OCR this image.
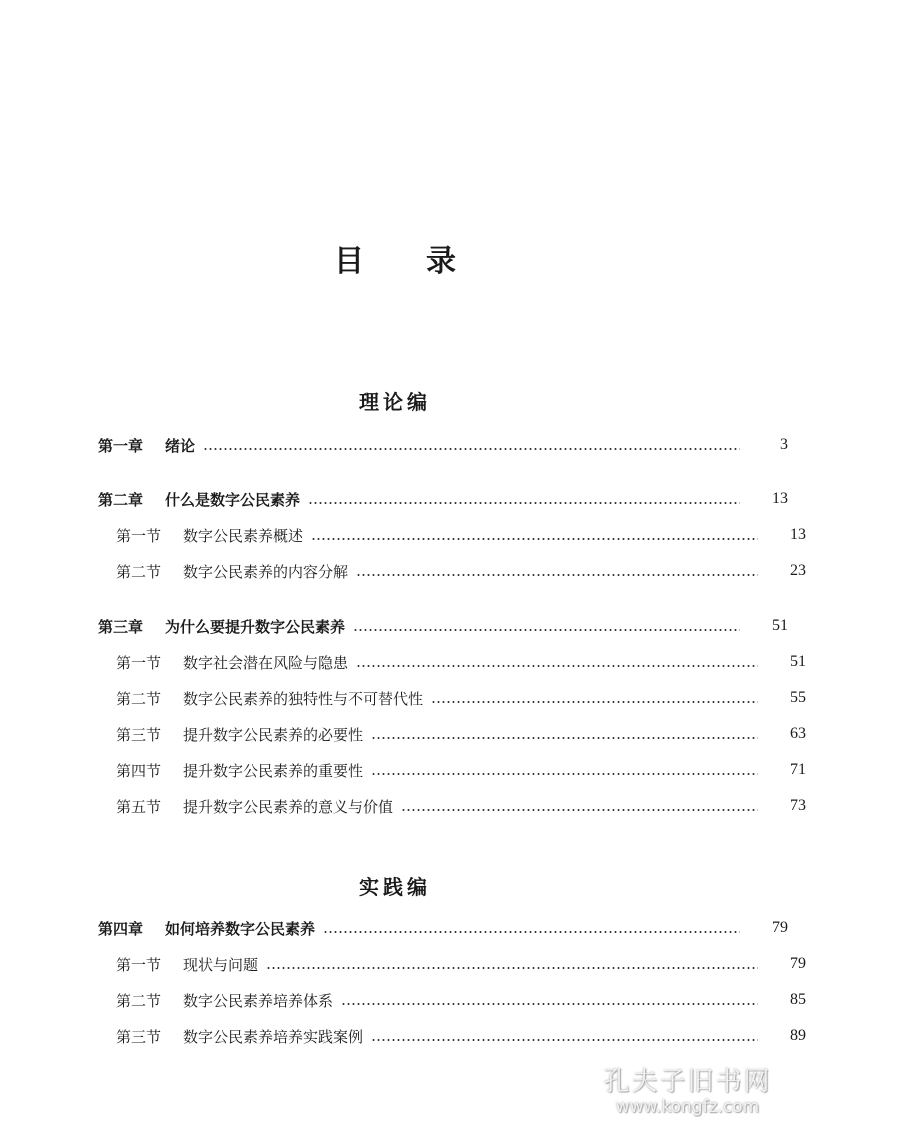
目 录
理论编
第一章 绪论	3
第二章 什么是数字公民素养	13
第一节 数字公民素养概述	13
第二节 数字公民素养的内容分解	23
第三章 为什么要提升数字公民素养	51
第一节 数字社会潜在风险与隐患	51
第二节 数字公民素养的独特性与不可替代性	55
第三节 提升数字公民素养的必要性	63
第四节 提升数字公民素养的重要性	71
第五节 提升数字公民素养的意义与价值	73
实践编
第四章 如何培养数字公民素养	79
第一节 现状与问题	79
第二节 数字公民素养培养体系	85
第三节 数字公民素养培养实践案例	89
孔夫子旧书网
www.kongfz.com
